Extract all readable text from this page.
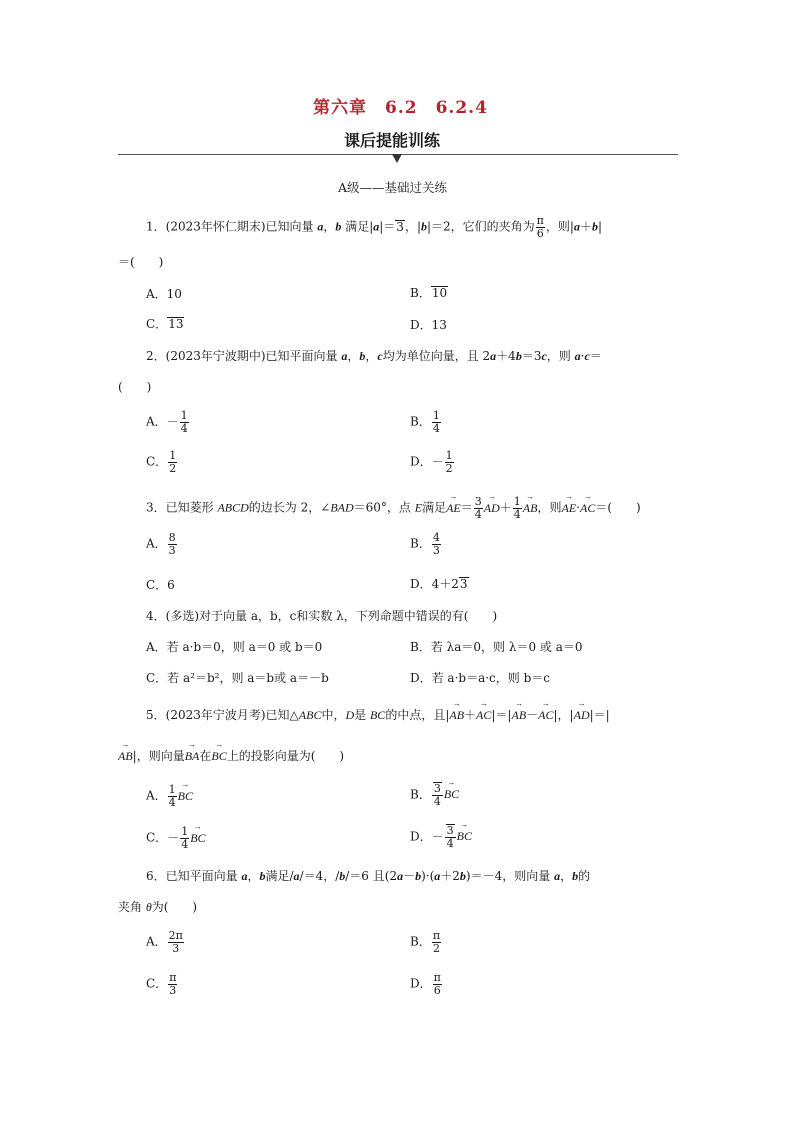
第六章　6.2　6.2.4
课后提能训练
A级——基础过关练
1．(2023年怀仁期末)已知向量 a，b 满足|a|＝3，|b|＝2，它们的夹角为 $\frac{\pi}{6}$ ，则|a＋b|
＝(　　)
A．10	B．10
C．13	D．13
2．(2023年宁波期中)已知平面向量 a，b，c均为单位向量，且 2a＋4b＝3c，则 a·c＝
(　　)
A．－ $\frac{1}{4}$	B． $\frac{1}{4}$
C． $\frac{1}{2}$	D．－ $\frac{1}{2}$
3．已知菱形 ABCD的边长为 2，∠BAD＝60°，点 E满足→ $AE= \frac{3}{4}$
→ $AD+ \frac{1}{4}$
→ AB，则→ AE·→ AC＝(　　)
A． $\frac{8}{3}$	B． $\frac{4}{3}$
C．6	D．4＋23
4．(多选)对于向量 a，b，c和实数 λ，下列命题中错误的有(　　)
A．若 a·b＝0，则 a＝0 或 b＝0	B．若 λa＝0，则 λ＝0 或 a＝0
C．若 a²＝b²，则 a＝b或 a＝－b	D．若 a·b＝a·c，则 b＝c
5．(2023年宁波月考)已知△ABC中，D是 BC的中点，且|→ AB＋→ AC|＝|→ AB－→ AC|，|→ AD|＝|
→ AB|，则向量→ BA在→ BC上的投影向量为(　　)
A． $\frac{1}{4}$
→ BC	B． $\frac{3}{4}$
→ BC
C．－ $\frac{1}{4}$
→ BC	D．－ $\frac{3}{4}$
→ BC
6．已知平面向量 a，b满足/a/＝4，/b/＝6 且(2a－b)·(a＋2b)＝－4，则向量 a，b的
夹角 θ为(　　)
A． $\frac{2\pi}{3}$	B． $\frac{\pi}{2}$
C． $\frac{\pi}{3}$	D． $\frac{\pi}{6}$
